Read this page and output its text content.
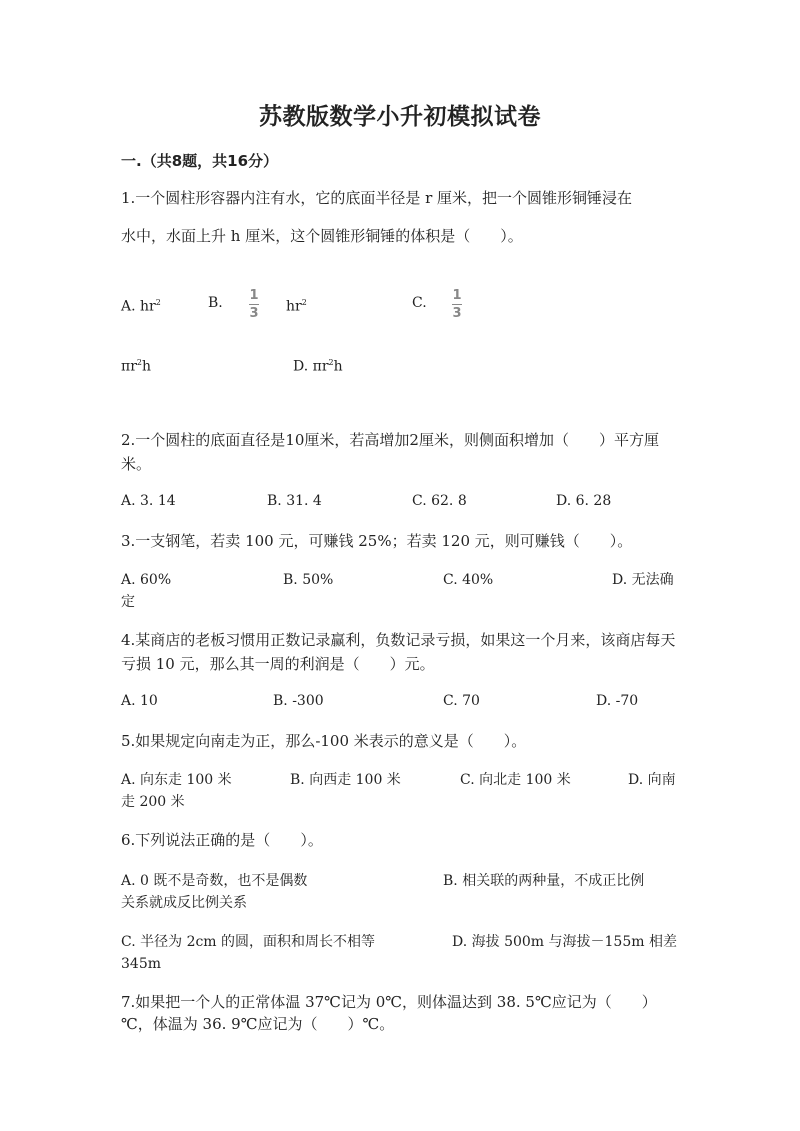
苏教版数学小升初模拟试卷
一.（共8题，共16分）
1.一个圆柱形容器内注有水，它的底面半径是 r 厘米，把一个圆锥形铜锤浸在
水中，水面上升 h 厘米，这个圆锥形铜锤的体积是（　　）。
A. $hr^2$	B. 1
3 $hr^2$	C. 1
3
$\pi r^2h$	D. $\pi r^2h$
2.一个圆柱的底面直径是10厘米，若高增加2厘米，则侧面积增加（　　）平方厘米。
A. 3. 14	B. 31. 4	C. 62. 8	D. 6. 28
3.一支钢笔，若卖 100 元，可赚钱 25%；若卖 120 元，则可赚钱（　　）。
A. 60%	B. 50%	C. 40%	D. 无法确
定
4.某商店的老板习惯用正数记录赢利，负数记录亏损，如果这一个月来，该商店每天亏损 10 元，那么其一周的利润是（　　）元。
A. 10	B. -300	C. 70	D. -70
5.如果规定向南走为正，那么-100 米表示的意义是（　　）。
A. 向东走 100 米	B. 向西走 100 米	C. 向北走 100 米	D. 向南
走 200 米
6.下列说法正确的是（　　）。
A. 0 既不是奇数，也不是偶数	B. 相关联的两种量，不成正比例
关系就成反比例关系
C. 半径为 2cm 的圆，面积和周长不相等	D. 海拔 500m 与海拔－155m 相差
345m
7.如果把一个人的正常体温 37℃记为 0℃，则体温达到 38. 5℃应记为（　　）
℃，体温为 36. 9℃应记为（　　）℃。
